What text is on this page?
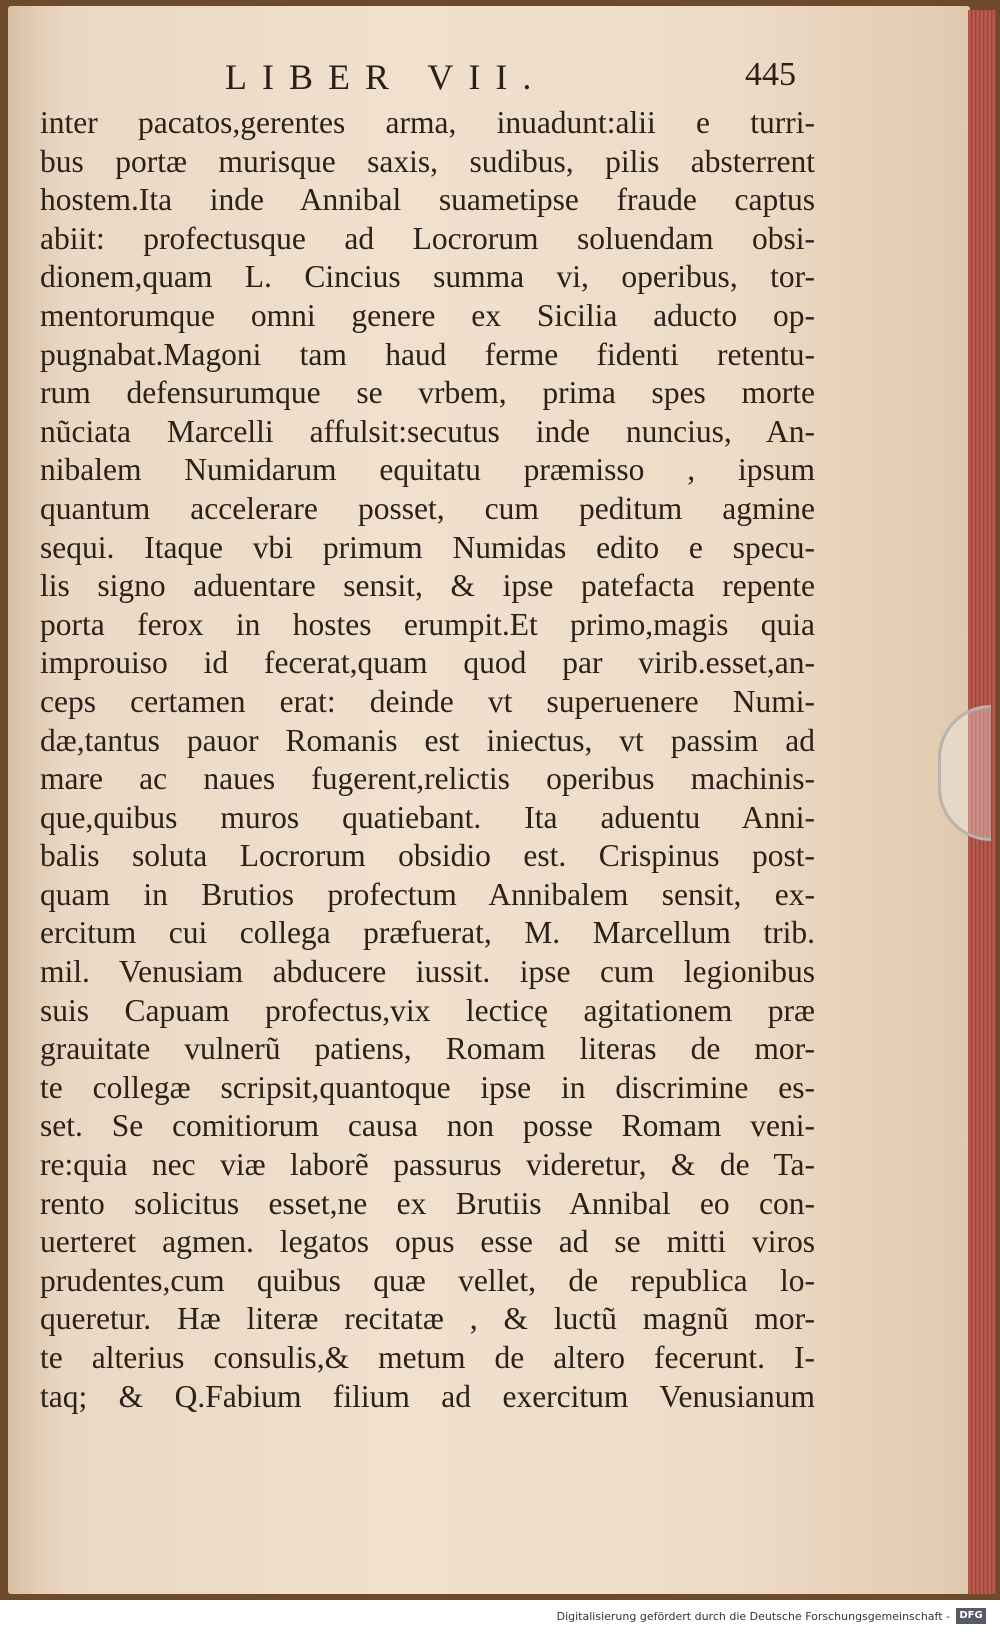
LIBER VII.	445
inter pacatos,gerentes arma, inuadunt:alii e turri-
bus portæ murisque saxis, sudibus, pilis absterrent
hostem.Ita inde Annibal suametipse fraude captus
abiit: profectusque ad Locrorum soluendam obsi-
dionem,quam L. Cincius summa vi, operibus, tor-
mentorumque omni genere ex Sicilia aducto op-
pugnabat.Magoni tam haud ferme fidenti retentu-
rum defensurumque se vrbem, prima spes morte
nũciata Marcelli affulsit:secutus inde nuncius, An-
nibalem Numidarum equitatu præmisso , ipsum
quantum accelerare posset, cum peditum agmine
sequi. Itaque vbi primum Numidas edito e specu-
lis signo aduentare sensit, & ipse patefacta repente
porta ferox in hostes erumpit.Et primo,magis quia
improuiso id fecerat,quam quod par virib.esset,an-
ceps certamen erat: deinde vt superuenere Numi-
dæ,tantus pauor Romanis est iniectus, vt passim ad
mare ac naues fugerent,relictis operibus machinis-
que,quibus muros quatiebant. Ita aduentu Anni-
balis soluta Locrorum obsidio est. Crispinus post-
quam in Brutios profectum Annibalem sensit, ex-
ercitum cui collega præfuerat, M. Marcellum trib.
mil. Venusiam abducere iussit. ipse cum legionibus
suis Capuam profectus,vix lecticę agitationem præ
grauitate vulnerũ patiens, Romam literas de mor-
te collegæ scripsit,quantoque ipse in discrimine es-
set. Se comitiorum causa non posse Romam veni-
re:quia nec viæ laborẽ passurus videretur, & de Ta-
rento solicitus esset,ne ex Brutiis Annibal eo con-
uerteret agmen. legatos opus esse ad se mitti viros
prudentes,cum quibus quæ vellet, de republica lo-
queretur. Hæ literæ recitatæ , & luctũ magnũ mor-
te alterius consulis,& metum de altero fecerunt. I-
taq; & Q.Fabium filium ad exercitum Venusianum
Digitalisierung gefördert durch die Deutsche Forschungsgemeinschaft - DFG
